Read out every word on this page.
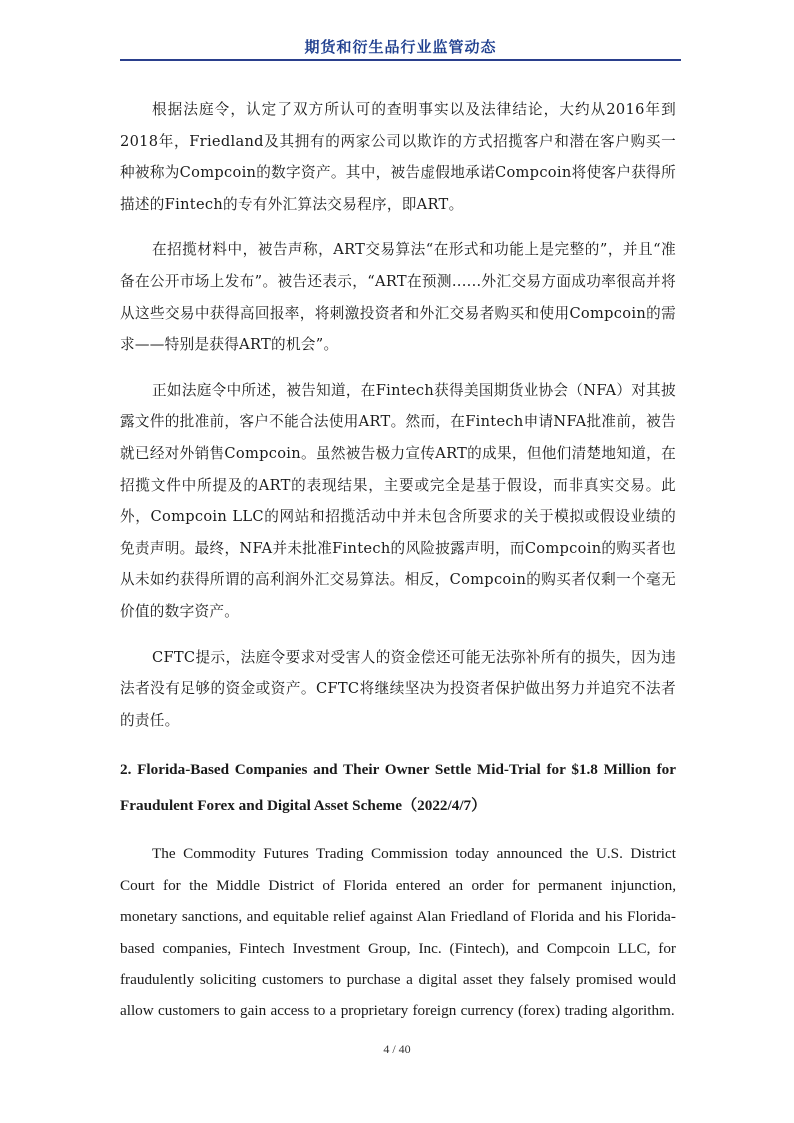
期货和衍生品行业监管动态

根据法庭令，认定了双方所认可的查明事实以及法律结论，大约从2016年到2018年，Friedland及其拥有的两家公司以欺诈的方式招揽客户和潜在客户购买一种被称为Compcoin的数字资产。其中，被告虚假地承诺Compcoin将使客户获得所描述的Fintech的专有外汇算法交易程序，即ART。

在招揽材料中，被告声称，ART交易算法“在形式和功能上是完整的”，并且“准备在公开市场上发布”。被告还表示，“ART在预测......外汇交易方面成功率很高并将从这些交易中获得高回报率，将刺激投资者和外汇交易者购买和使用Compcoin的需求——特别是获得ART的机会”。

正如法庭令中所述，被告知道，在Fintech获得美国期货业协会（NFA）对其披露文件的批准前，客户不能合法使用ART。然而，在Fintech申请NFA批准前，被告就已经对外销售Compcoin。虽然被告极力宣传ART的成果，但他们清楚地知道，在招揽文件中所提及的ART的表现结果，主要或完全是基于假设，而非真实交易。此外，Compcoin LLC的网站和招揽活动中并未包含所要求的关于模拟或假设业绩的免责声明。最终，NFA并未批准Fintech的风险披露声明，而Compcoin的购买者也从未如约获得所谓的高利润外汇交易算法。相反，Compcoin的购买者仅剩一个毫无价值的数字资产。

CFTC提示，法庭令要求对受害人的资金偿还可能无法弥补所有的损失，因为违法者没有足够的资金或资产。CFTC将继续坚决为投资者保护做出努力并追究不法者的责任。

2. Florida-Based Companies and Their Owner Settle Mid-Trial for $1.8 Million for Fraudulent Forex and Digital Asset Scheme（2022/4/7）

The Commodity Futures Trading Commission today announced the U.S. District Court for the Middle District of Florida entered an order for permanent injunction, monetary sanctions, and equitable relief against Alan Friedland of Florida and his Florida-based companies, Fintech Investment Group, Inc. (Fintech), and Compcoin LLC, for fraudulently soliciting customers to purchase a digital asset they falsely promised would allow customers to gain access to a proprietary foreign currency (forex) trading algorithm.

4 / 40
